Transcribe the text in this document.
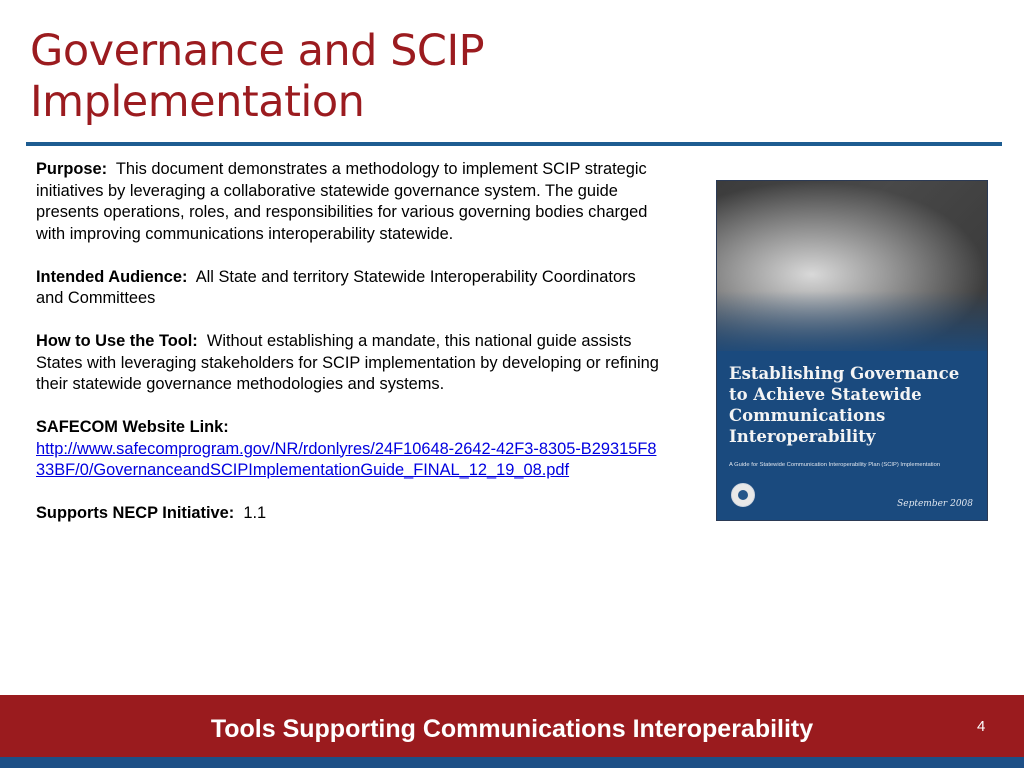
Governance and SCIP
Implementation
Purpose: This document demonstrates a methodology to implement SCIP strategic initiatives by leveraging a collaborative statewide governance system. The guide presents operations, roles, and responsibilities for various governing bodies charged with improving communications interoperability statewide.
Intended Audience: All State and territory Statewide Interoperability Coordinators and Committees
How to Use the Tool: Without establishing a mandate, this national guide assists States with leveraging stakeholders for SCIP implementation by developing or refining their statewide governance methodologies and systems.
SAFECOM Website Link:
http://www.safecomprogram.gov/NR/rdonlyres/24F10648-2642-42F3-8305-B29315F833BF/0/GovernanceandSCIPImplementationGuide_FINAL_12_19_08.pdf
Supports NECP Initiative: 1.1
Establishing Governance to Achieve Statewide Communications Interoperability
A Guide for Statewide Communication Interoperability Plan (SCIP) Implementation
September 2008
Tools Supporting Communications Interoperability	4
